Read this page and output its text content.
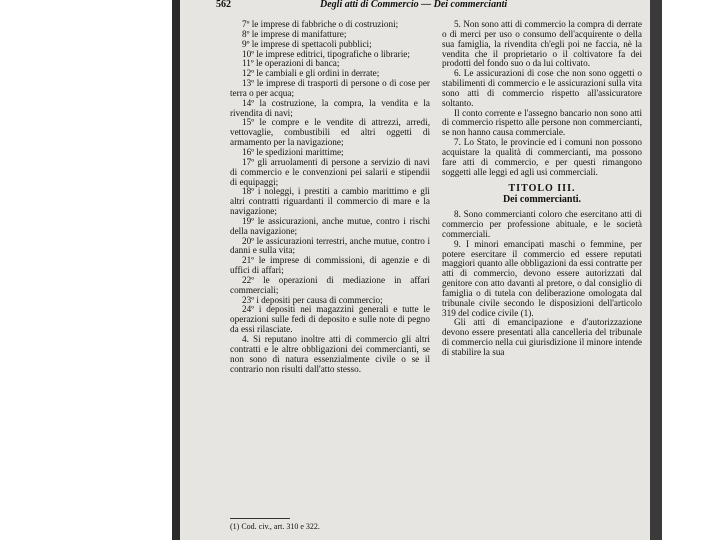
562	Degli atti di Commercio — Dei commercianti

7º le imprese di fabbriche o di costruzioni;

8º le imprese di manifatture;

9º le imprese di spettacoli pubblici;

10º le imprese editrici, tipografiche o librarie;

11º le operazioni di banca;

12º le cambiali e gli ordini in derrate;

13º le imprese di trasporti di persone o di cose per terra o per acqua;

14º la costruzione, la compra, la vendita e la rivendita di navi;

15º le compre e le vendite di attrezzi, arredi, vettovaglie, combustibili ed altri oggetti di armamento per la navigazione;

16º le spedizioni marittime;

17º gli arruolamenti di persone a servizio di navi di commercio e le convenzioni pei salarii e stipendii di equipaggi;

18º i noleggi, i prestiti a cambio marittimo e gli altri contratti riguardanti il commercio di mare e la navigazione;

19º le assicurazioni, anche mutue, contro i rischi della navigazione;

20º le assicurazioni terrestri, anche mutue, contro i danni e sulla vita;

21º le imprese di commissioni, di agenzie e di uffici di affari;

22º le operazioni di mediazione in affari commerciali;

23º i depositi per causa di commercio;

24º i depositi nei magazzini generali e tutte le operazioni sulle fedi di deposito e sulle note di pegno da essi rilasciate.

4. Si reputano inoltre atti di commercio gli altri contratti e le altre obbligazioni dei commercianti, se non sono di natura essenzialmente civile o se il contrario non risulti dall'atto stesso.

5. Non sono atti di commercio la compra di derrate o di merci per uso o consumo dell'acquirente o della sua famiglia, la rivendita ch'egli poi ne faccia, nè la vendita che il proprietario o il coltivatore fa dei prodotti del fondo suo o da lui coltivato.

6. Le assicurazioni di cose che non sono oggetti o stabilimenti di commercio e le assicurazioni sulla vita sono atti di commercio rispetto all'assicuratore soltanto.

Il conto corrente e l'assegno bancario non sono atti di commercio rispetto alle persone non commercianti, se non hanno causa commerciale.

7. Lo Stato, le provincie ed i comuni non possono acquistare la qualità di commercianti, ma possono fare atti di commercio, e per questi rimangono soggetti alle leggi ed agli usi commerciali.

TITOLO III.

Dei commercianti.

8. Sono commercianti coloro che esercitano atti di commercio per professione abituale, e le società commerciali.

9. I minori emancipati maschi o femmine, per potere esercitare il commercio ed essere reputati maggiori quanto alle obbligazioni da essi contratte per atti di commercio, devono essere autorizzati dal genitore con atto davanti al pretore, o dal consiglio di famiglia o di tutela con deliberazione omologata dal tribunale civile secondo le disposizioni dell'articolo 319 del codice civile (1).

Gli atti di emancipazione e d'autorizzazione devono essere presentati alla cancelleria del tribunale di commercio nella cui giurisdizione il minore intende di stabilire la sua

(1) Cod. civ., art. 310 e 322.
